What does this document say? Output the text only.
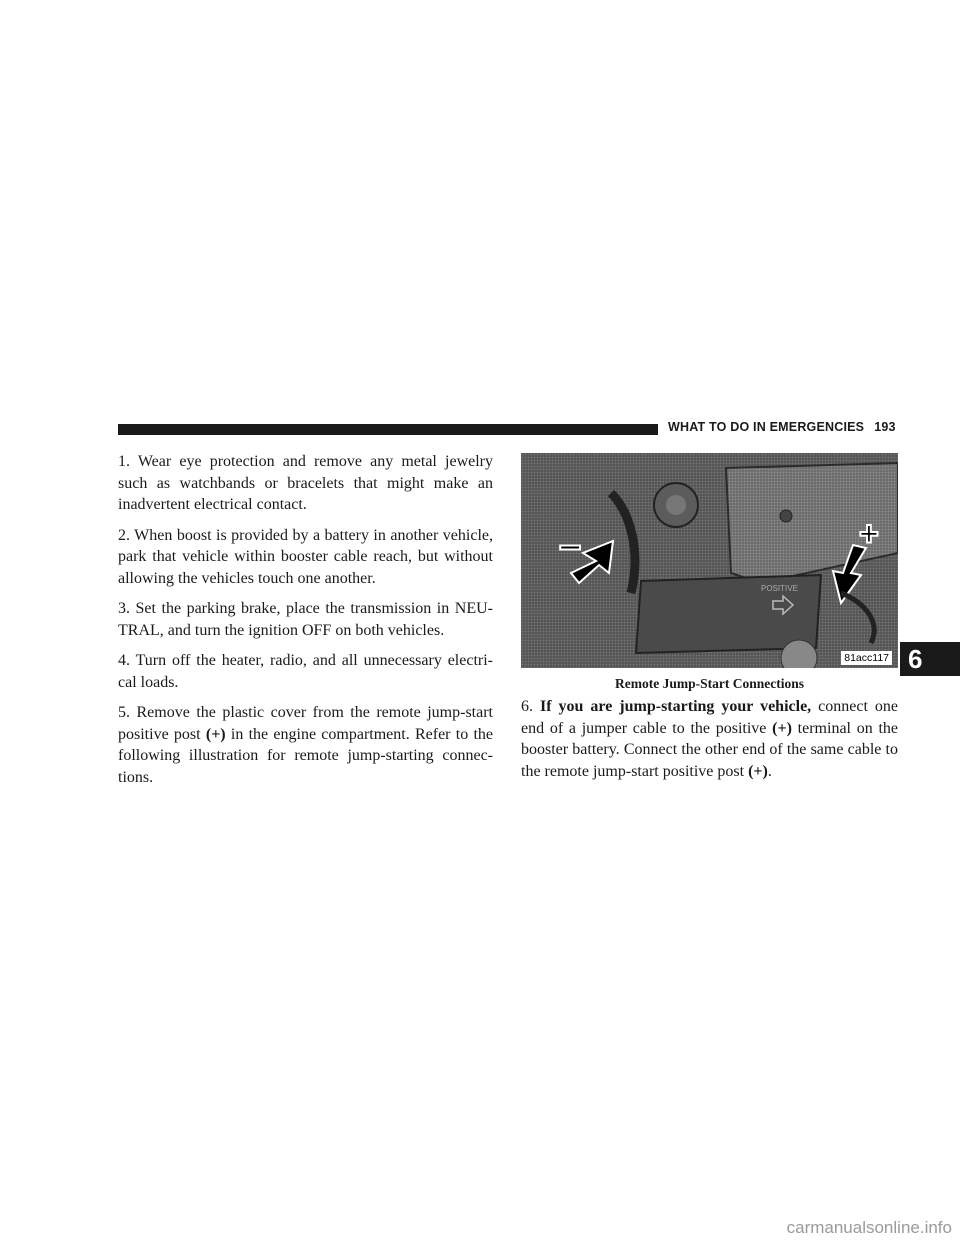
WHAT TO DO IN EMERGENCIES 193

1. Wear eye protection and remove any metal jewelry such as watchbands or bracelets that might make an inadvertent electrical contact.

2. When boost is provided by a battery in another vehicle, park that vehicle within booster cable reach, but without allowing the vehicles touch one another.

3. Set the parking brake, place the transmission in NEU-TRAL, and turn the ignition OFF on both vehicles.

4. Turn off the heater, radio, and all unnecessary electri-cal loads.

5. Remove the plastic cover from the remote jump-start positive post (+) in the engine compartment. Refer to the following illustration for remote jump-starting connec-tions.

POSITIVE
–	+
81acc117
Remote Jump-Start Connections
6. If you are jump-starting your vehicle, connect one end of a jumper cable to the positive (+) terminal on the booster battery. Connect the other end of the same cable to the remote jump-start positive post (+).
6
carmanualsonline.info
